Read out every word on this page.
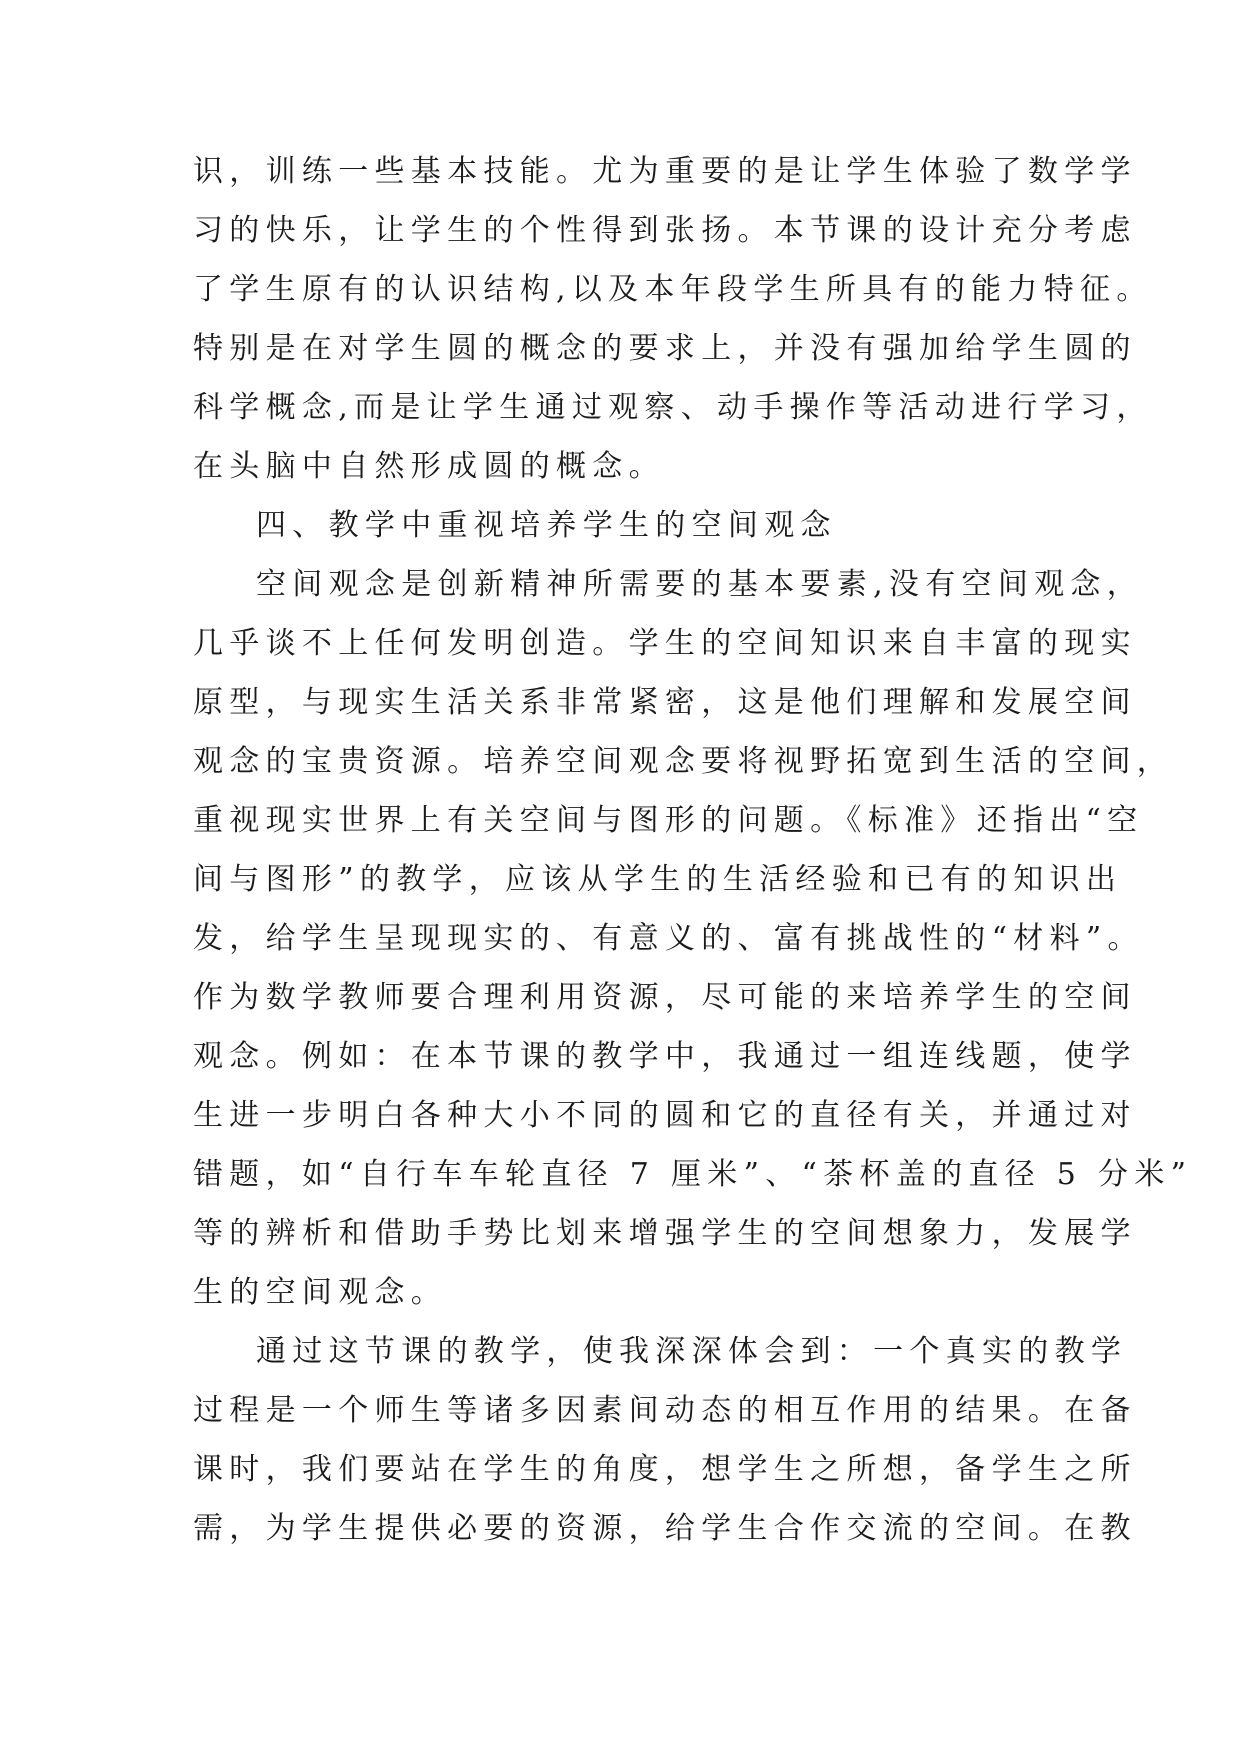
识，训练一些基本技能。尤为重要的是让学生体验了数学学
习的快乐，让学生的个性得到张扬。本节课的设计充分考虑
了学生原有的认识结构,以及本年段学生所具有的能力特征。
特别是在对学生圆的概念的要求上，并没有强加给学生圆的
科学概念,而是让学生通过观察、动手操作等活动进行学习，
在头脑中自然形成圆的概念。
四、教学中重视培养学生的空间观念
空间观念是创新精神所需要的基本要素,没有空间观念，
几乎谈不上任何发明创造。学生的空间知识来自丰富的现实
原型，与现实生活关系非常紧密，这是他们理解和发展空间
观念的宝贵资源。培养空间观念要将视野拓宽到生活的空间，
重视现实世界上有关空间与图形的问题。《标准》还指出“空
间与图形”的教学，应该从学生的生活经验和已有的知识出
发，给学生呈现现实的、有意义的、富有挑战性的“材料”。
作为数学教师要合理利用资源，尽可能的来培养学生的空间
观念。例如：在本节课的教学中，我通过一组连线题，使学
生进一步明白各种大小不同的圆和它的直径有关，并通过对
错题，如“自行车车轮直径 7 厘米”、“茶杯盖的直径 5 分米”
等的辨析和借助手势比划来增强学生的空间想象力，发展学
生的空间观念。
通过这节课的教学，使我深深体会到：一个真实的教学
过程是一个师生等诸多因素间动态的相互作用的结果。在备
课时，我们要站在学生的角度，想学生之所想，备学生之所
需，为学生提供必要的资源，给学生合作交流的空间。在教
